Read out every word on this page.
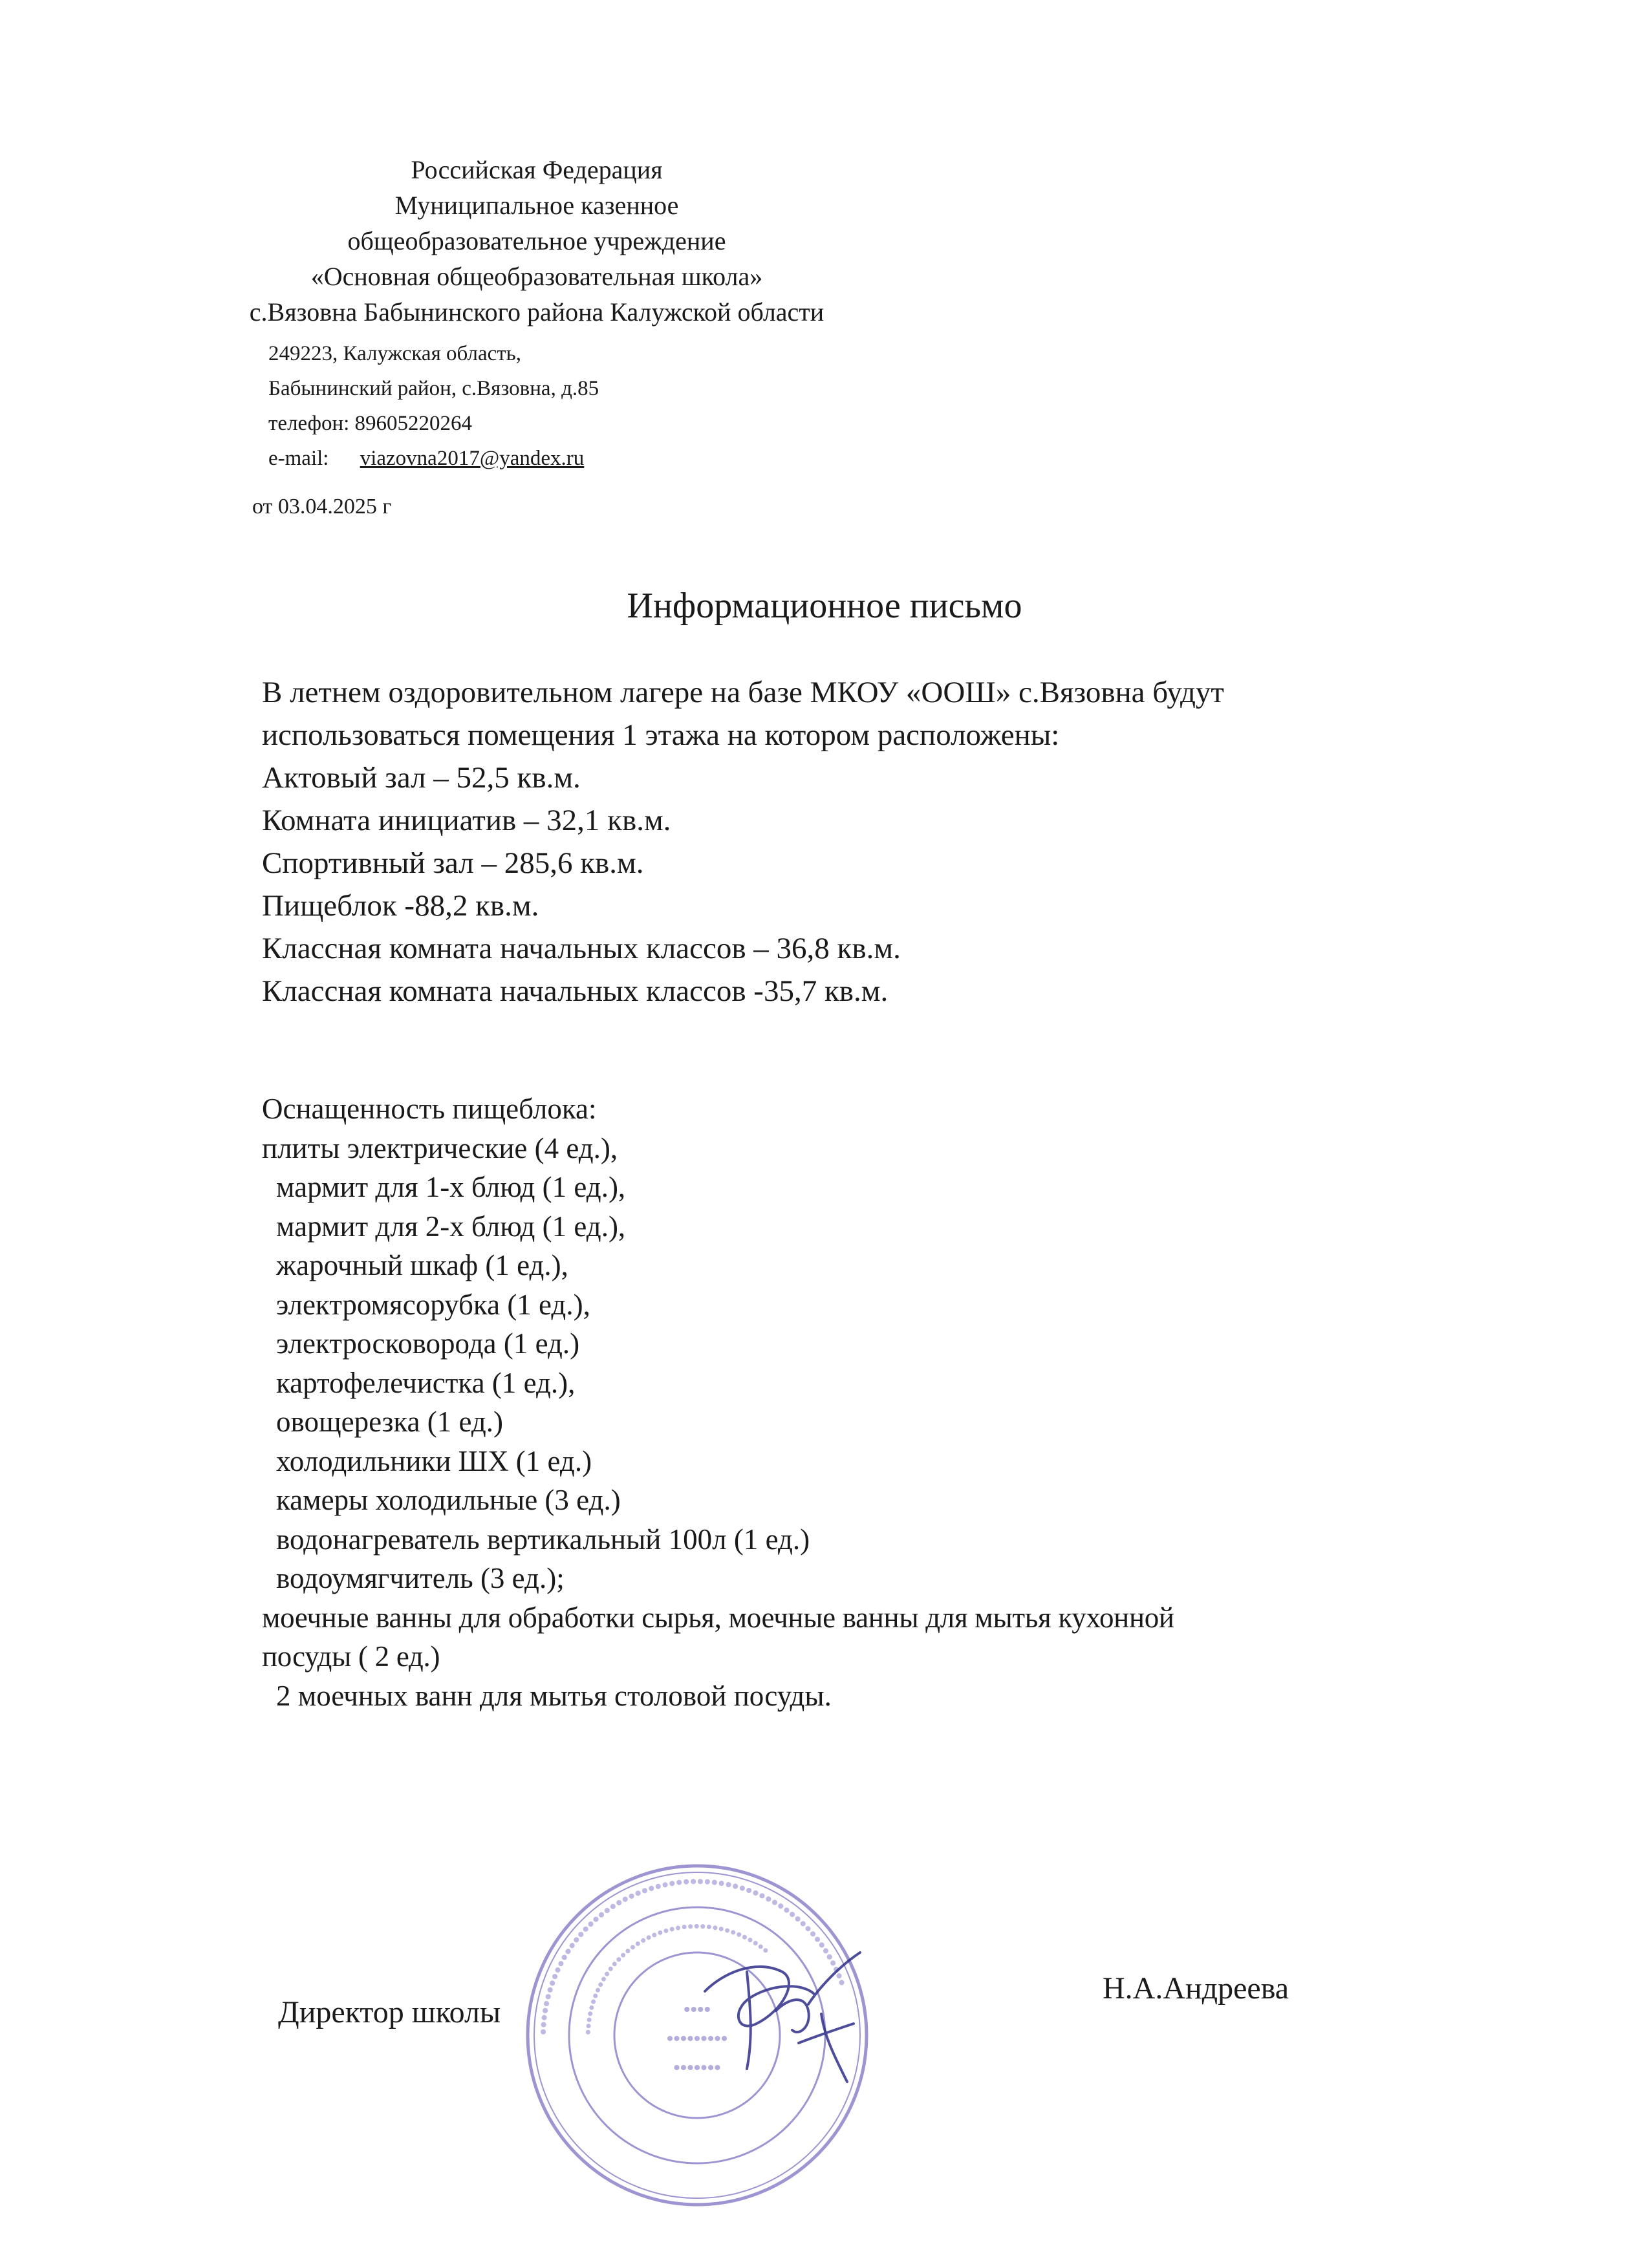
Российская Федерация
Муниципальное казенное
общеобразовательное учреждение
«Основная общеобразовательная школа»
с.Вязовна Бабынинского района Калужской области
249223, Калужская область,
Бабынинский район, с.Вязовна, д.85
телефон: 89605220264
e-mail: viazovna2017@yandex.ru
от 03.04.2025 г
Информационное письмо
В летнем оздоровительном лагере на базе МКОУ «ООШ» с.Вязовна будут
использоваться помещения 1 этажа на котором расположены:
Актовый зал – 52,5 кв.м.
Комната инициатив – 32,1 кв.м.
Спортивный зал – 285,6 кв.м.
Пищеблок -88,2 кв.м.
Классная комната начальных классов – 36,8 кв.м.
Классная комната начальных классов -35,7 кв.м.
Оснащенность пищеблока:
плиты электрические (4 ед.),
мармит для 1-х блюд (1 ед.),
мармит для 2-х блюд (1 ед.),
жарочный шкаф (1 ед.),
электромясорубка (1 ед.),
электросковорода (1 ед.)
картофелечистка (1 ед.),
овощерезка (1 ед.)
холодильники ШХ (1 ед.)
камеры холодильные (3 ед.)
водонагреватель вертикальный 100л (1 ед.)
водоумягчитель (3 ед.);
моечные ванны для обработки сырья, моечные ванны для мытья кухонной
посуды ( 2 ед.)
2 моечных ванн для мытья столовой посуды.
•••••••••••••••••••••••••••••••••••••••••••••••••••••••••••••
••••••••••••••••••••••••••••••••••••••••
••••
•••••••••
•••••••
Директор школы
Н.А.Андреева
